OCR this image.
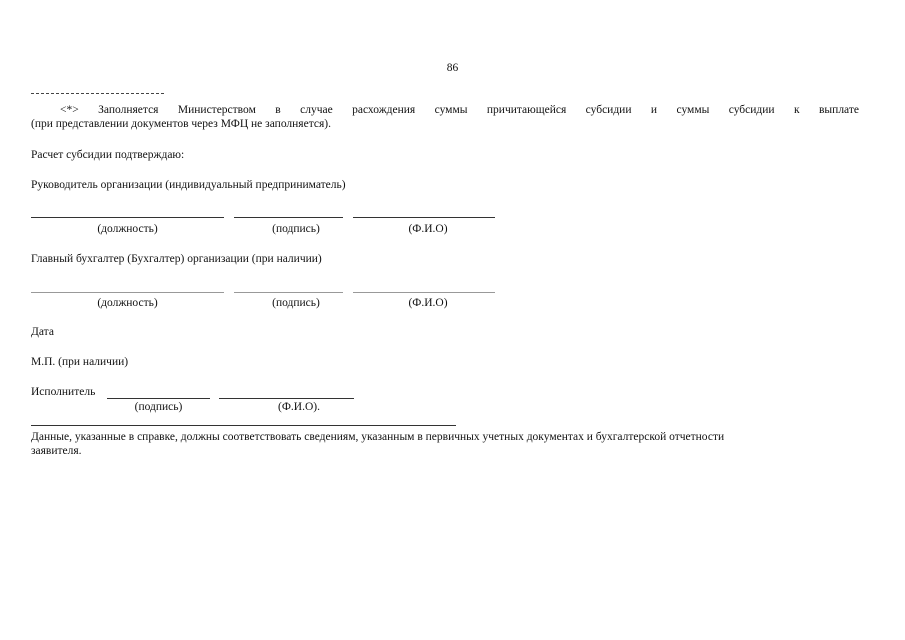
86
<*> Заполняется Министерством в случае расхождения суммы причитающейся субсидии и суммы субсидии к выплате
(при представлении документов через МФЦ не заполняется).
Расчет субсидии подтверждаю:
Руководитель организации (индивидуальный предприниматель)
(должность)	(подпись)	(Ф.И.О)
Главный бухгалтер (Бухгалтер) организации (при наличии)
(должность)	(подпись)	(Ф.И.О)
Дата
М.П. (при наличии)
Исполнитель
(подпись)	(Ф.И.О).
Данные, указанные в справке, должны соответствовать сведениям, указанным в первичных учетных документах и бухгалтерской отчетности
заявителя.
